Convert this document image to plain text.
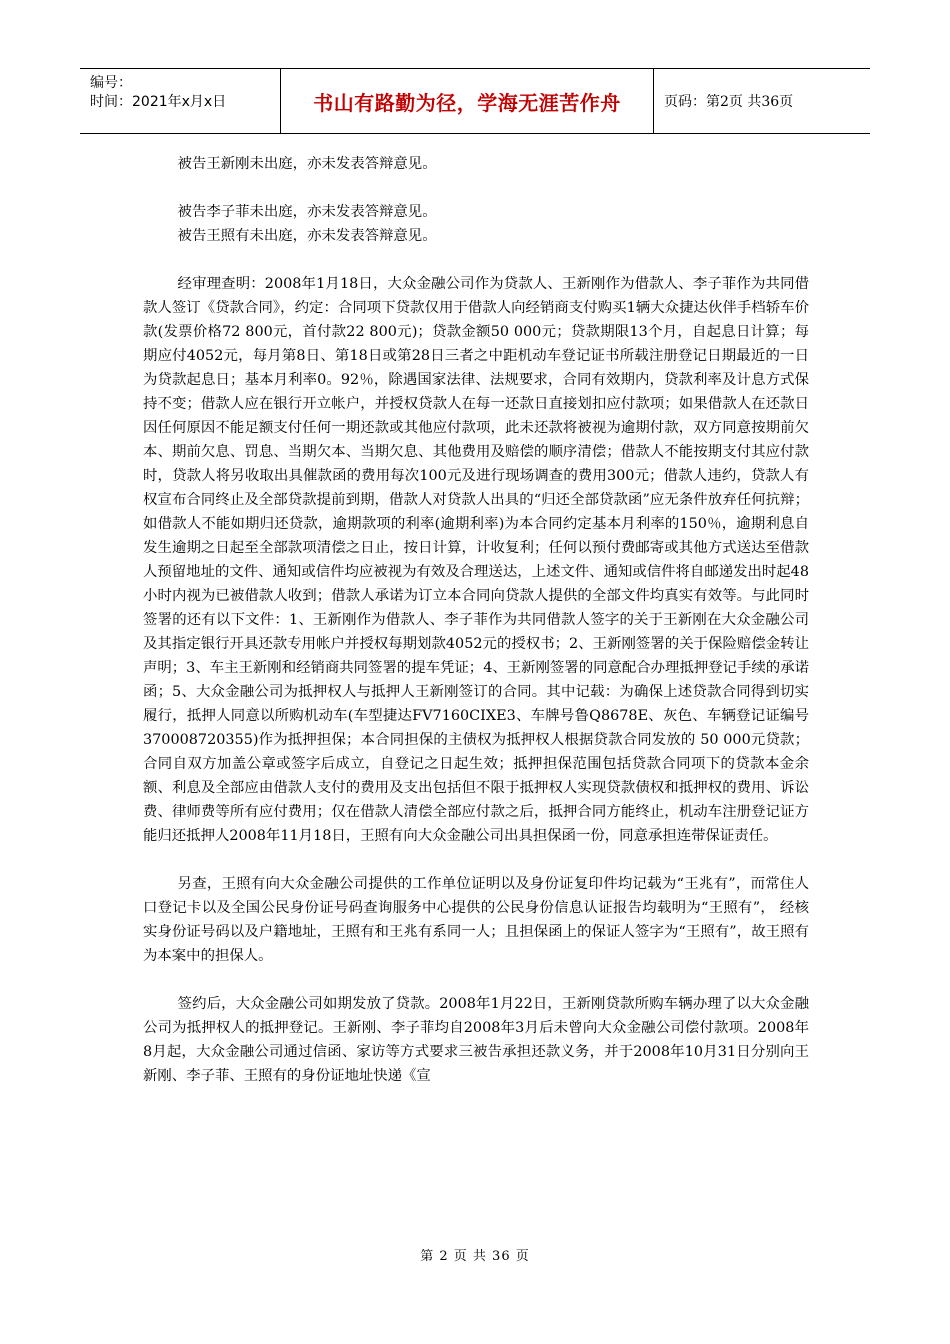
编号：
时间：2021年x月x日	书山有路勤为径，学海无涯苦作舟	页码：第2页 共36页

被告王新刚未出庭，亦未发表答辩意见。

被告李子菲未出庭，亦未发表答辩意见。

被告王照有未出庭，亦未发表答辩意见。

经审理查明：2008年1月18日，大众金融公司作为贷款人、王新刚作为借款人、李子菲作为共同借款人签订《贷款合同》，约定：合同项下贷款仅用于借款人向经销商支付购买1辆大众捷达伙伴手档轿车价款(发票价格72 800元，首付款22 800元)；贷款金额50 000元；贷款期限13个月，自起息日计算；每期应付4052元，每月第8日、第18日或第28日三者之中距机动车登记证书所载注册登记日期最近的一日为贷款起息日；基本月利率0。92％，除遇国家法律、法规要求，合同有效期内，贷款利率及计息方式保持不变；借款人应在银行开立帐户，并授权贷款人在每一还款日直接划扣应付款项；如果借款人在还款日因任何原因不能足额支付任何一期还款或其他应付款项，此未还款将被视为逾期付款，双方同意按期前欠本、期前欠息、罚息、当期欠本、当期欠息、其他费用及赔偿的顺序清偿；借款人不能按期支付其应付款时，贷款人将另收取出具催款函的费用每次100元及进行现场调查的费用300元；借款人违约，贷款人有权宣布合同终止及全部贷款提前到期，借款人对贷款人出具的“归还全部贷款函”应无条件放弃任何抗辩；如借款人不能如期归还贷款，逾期款项的利率(逾期利率)为本合同约定基本月利率的150％，逾期利息自发生逾期之日起至全部款项清偿之日止，按日计算，计收复利；任何以预付费邮寄或其他方式送达至借款人预留地址的文件、通知或信件均应被视为有效及合理送达，上述文件、通知或信件将自邮递发出时起48小时内视为已被借款人收到；借款人承诺为订立本合同向贷款人提供的全部文件均真实有效等。与此同时签署的还有以下文件：1、王新刚作为借款人、李子菲作为共同借款人签字的关于王新刚在大众金融公司及其指定银行开具还款专用帐户并授权每期划款4052元的授权书；2、王新刚签署的关于保险赔偿金转让声明；3、车主王新刚和经销商共同签署的提车凭证；4、王新刚签署的同意配合办理抵押登记手续的承诺函；5、大众金融公司为抵押权人与抵押人王新刚签订的合同。其中记载：为确保上述贷款合同得到切实履行，抵押人同意以所购机动车(车型捷达FV7160CIXE3、车牌号鲁Q8678E、灰色、车辆登记证编号370008720355)作为抵押担保；本合同担保的主债权为抵押权人根据贷款合同发放的 50 000元贷款；合同自双方加盖公章或签字后成立，自登记之日起生效；抵押担保范围包括贷款合同项下的贷款本金余额、利息及全部应由借款人支付的费用及支出包括但不限于抵押权人实现贷款债权和抵押权的费用、诉讼费、律师费等所有应付费用；仅在借款人清偿全部应付款之后，抵押合同方能终止，机动车注册登记证方能归还抵押人2008年11月18日，王照有向大众金融公司出具担保函一份，同意承担连带保证责任。

另查，王照有向大众金融公司提供的工作单位证明以及身份证复印件均记载为“王兆有”，而常住人口登记卡以及全国公民身份证号码查询服务中心提供的公民身份信息认证报告均载明为“王照有”， 经核实身份证号码以及户籍地址，王照有和王兆有系同一人；且担保函上的保证人签字为“王照有”，故王照有为本案中的担保人。

签约后，大众金融公司如期发放了贷款。2008年1月22日，王新刚贷款所购车辆办理了以大众金融公司为抵押权人的抵押登记。王新刚、李子菲均自2008年3月后未曾向大众金融公司偿付款项。2008年8月起，大众金融公司通过信函、家访等方式要求三被告承担还款义务，并于2008年10月31日分别向王新刚、李子菲、王照有的身份证地址快递《宣

第 2 页 共 36 页
